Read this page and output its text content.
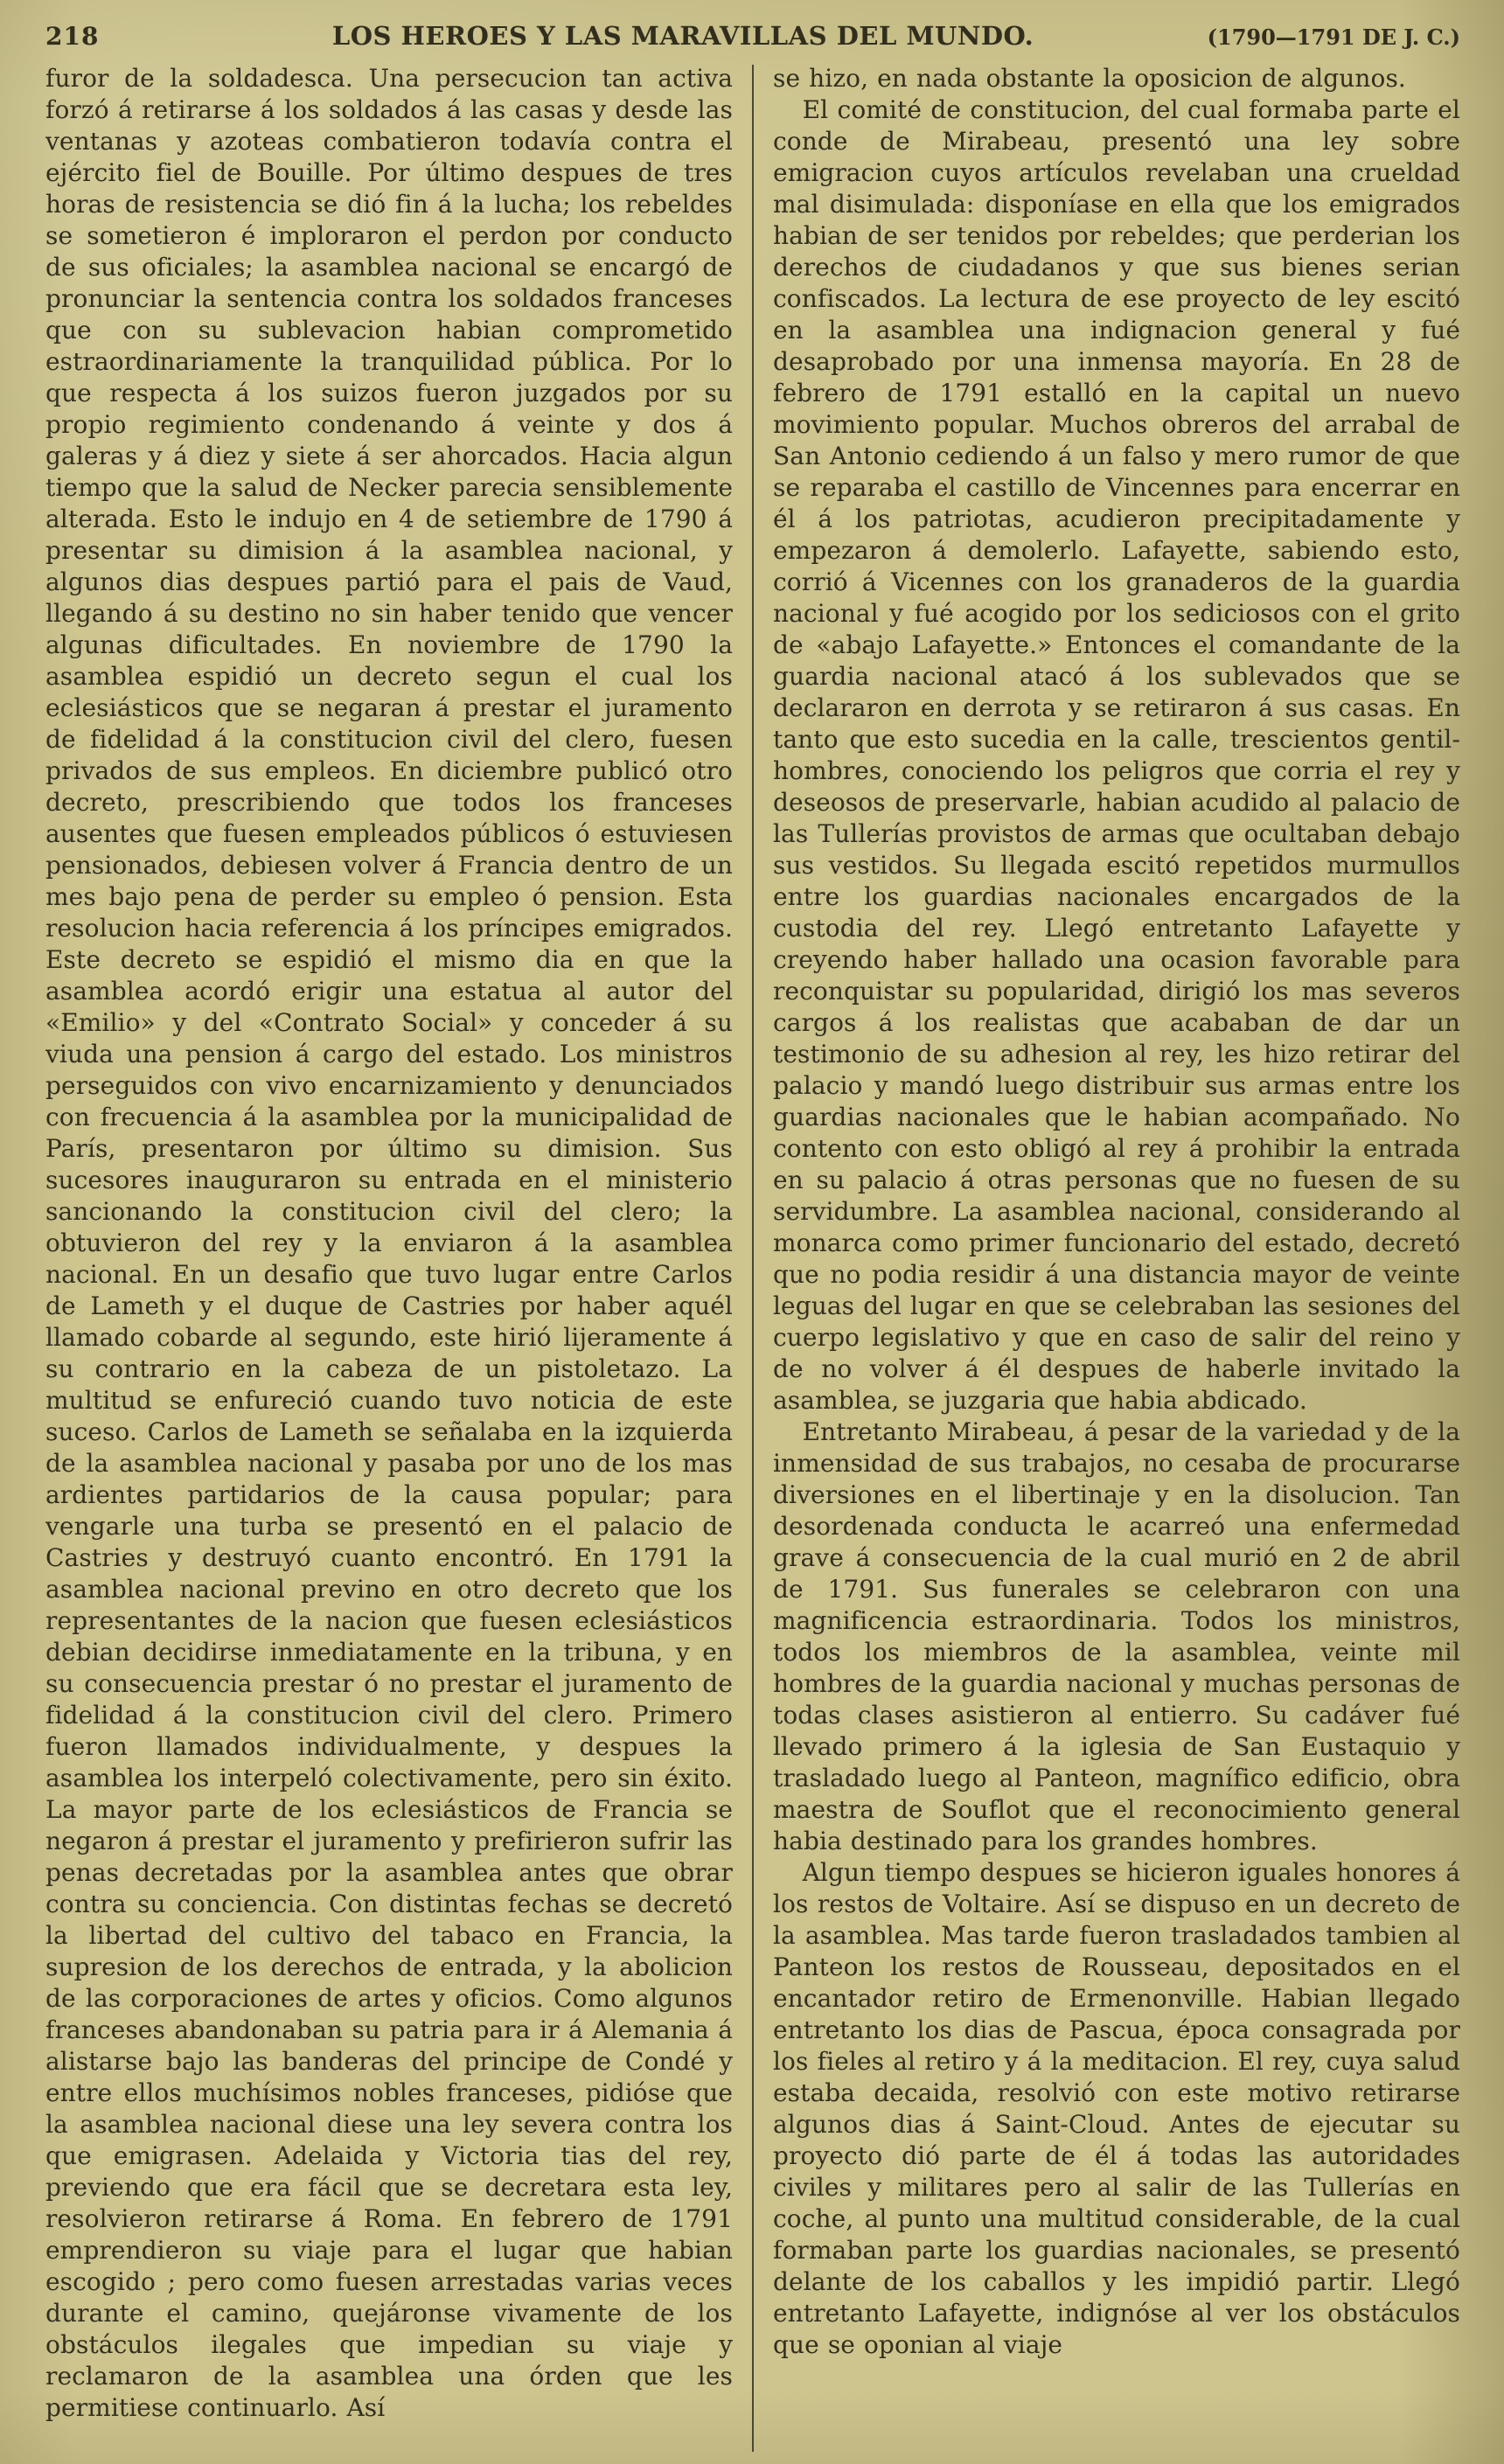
218	LOS HEROES Y LAS MARAVILLAS DEL MUNDO.	(1790—1791 DE J. C.)

furor de la soldadesca. Una persecucion tan activa forzó á retirarse á los soldados á las casas y desde las ventanas y azoteas combatieron todavía contra el ejército fiel de Bouille. Por último despues de tres horas de resistencia se dió fin á la lucha; los rebeldes se sometieron é imploraron el perdon por conducto de sus oficiales; la asamblea nacional se encargó de pronunciar la sentencia contra los soldados franceses que con su sublevacion habian comprometido estraordinariamente la tranquilidad pública. Por lo que respecta á los suizos fueron juzgados por su propio regimiento condenando á veinte y dos á galeras y á diez y siete á ser ahorcados. Hacia algun tiempo que la salud de Necker parecia sensiblemente alterada. Esto le indujo en 4 de setiembre de 1790 á presentar su dimision á la asamblea nacional, y algunos dias despues partió para el pais de Vaud, llegando á su destino no sin haber tenido que vencer algunas dificultades. En noviembre de 1790 la asamblea espidió un decreto segun el cual los eclesiásticos que se negaran á prestar el juramento de fidelidad á la constitucion civil del clero, fuesen privados de sus empleos. En diciembre publicó otro decreto, prescribiendo que todos los franceses ausentes que fuesen empleados públicos ó estuviesen pensionados, debiesen volver á Francia dentro de un mes bajo pena de perder su empleo ó pension. Esta resolucion hacia referencia á los príncipes emigrados. Este decreto se espidió el mismo dia en que la asamblea acordó erigir una estatua al autor del «Emilio» y del «Contrato Social» y conceder á su viuda una pension á cargo del estado. Los ministros perseguidos con vivo encarnizamiento y denunciados con frecuencia á la asamblea por la municipalidad de París, presentaron por último su dimision. Sus sucesores inauguraron su entrada en el ministerio sancionando la constitucion civil del clero; la obtuvieron del rey y la enviaron á la asamblea nacional. En un desafio que tuvo lugar entre Carlos de Lameth y el duque de Castries por haber aquél llamado cobarde al segundo, este hirió lijeramente á su contrario en la cabeza de un pistoletazo. La multitud se enfureció cuando tuvo noticia de este suceso. Carlos de Lameth se señalaba en la izquierda de la asamblea nacional y pasaba por uno de los mas ardientes partidarios de la causa popular; para vengarle una turba se presentó en el palacio de Castries y destruyó cuanto encontró. En 1791 la asamblea nacional previno en otro decreto que los representantes de la nacion que fuesen eclesiásticos debian decidirse inmediatamente en la tribuna, y en su consecuencia prestar ó no prestar el juramento de fidelidad á la constitucion civil del clero. Primero fueron llamados individualmente, y despues la asamblea los interpeló colectivamente, pero sin éxito. La mayor parte de los eclesiásticos de Francia se negaron á prestar el juramento y prefirieron sufrir las penas decretadas por la asamblea antes que obrar contra su conciencia. Con distintas fechas se decretó la libertad del cultivo del tabaco en Francia, la supresion de los derechos de entrada, y la abolicion de las corporaciones de artes y oficios. Como algunos franceses abandonaban su patria para ir á Alemania á alistarse bajo las banderas del principe de Condé y entre ellos muchísimos nobles franceses, pidióse que la asamblea nacional diese una ley severa contra los que emigrasen. Adelaida y Victoria tias del rey, previendo que era fácil que se decretara esta ley, resolvieron retirarse á Roma. En febrero de 1791 emprendieron su viaje para el lugar que habian escogido ; pero como fuesen arrestadas varias veces durante el camino, quejáronse vivamente de los obstáculos ilegales que impedian su viaje y reclamaron de la asamblea una órden que les permitiese continuarlo. Así

se hizo, en nada obstante la oposicion de algunos.

El comité de constitucion, del cual formaba parte el conde de Mirabeau, presentó una ley sobre emigracion cuyos artículos revelaban una crueldad mal disimulada: disponíase en ella que los emigrados habian de ser tenidos por rebeldes; que perderian los derechos de ciudadanos y que sus bienes serian confiscados. La lectura de ese proyecto de ley escitó en la asamblea una indignacion general y fué desaprobado por una inmensa mayoría. En 28 de febrero de 1791 estalló en la capital un nuevo movimiento popular. Muchos obreros del arrabal de San Antonio cediendo á un falso y mero rumor de que se reparaba el castillo de Vincennes para encerrar en él á los patriotas, acudieron precipitadamente y empezaron á demolerlo. Lafayette, sabiendo esto, corrió á Vicennes con los granaderos de la guardia nacional y fué acogido por los sediciosos con el grito de «abajo Lafayette.» Entonces el comandante de la guardia nacional atacó á los sublevados que se declararon en derrota y se retiraron á sus casas. En tanto que esto sucedia en la calle, trescientos gentil-hombres, conociendo los peligros que corria el rey y deseosos de preservarle, habian acudido al palacio de las Tullerías provistos de armas que ocultaban debajo sus vestidos. Su llegada escitó repetidos murmullos entre los guardias nacionales encargados de la custodia del rey. Llegó entretanto Lafayette y creyendo haber hallado una ocasion favorable para reconquistar su popularidad, dirigió los mas severos cargos á los realistas que acababan de dar un testimonio de su adhesion al rey, les hizo retirar del palacio y mandó luego distribuir sus armas entre los guardias nacionales que le habian acompañado. No contento con esto obligó al rey á prohibir la entrada en su palacio á otras personas que no fuesen de su servidumbre. La asamblea nacional, considerando al monarca como primer funcionario del estado, decretó que no podia residir á una distancia mayor de veinte leguas del lugar en que se celebraban las sesiones del cuerpo legislativo y que en caso de salir del reino y de no volver á él despues de haberle invitado la asamblea, se juzgaria que habia abdicado.

Entretanto Mirabeau, á pesar de la variedad y de la inmensidad de sus trabajos, no cesaba de procurarse diversiones en el libertinaje y en la disolucion. Tan desordenada conducta le acarreó una enfermedad grave á consecuencia de la cual murió en 2 de abril de 1791. Sus funerales se celebraron con una magnificencia estraordinaria. Todos los ministros, todos los miembros de la asamblea, veinte mil hombres de la guardia nacional y muchas personas de todas clases asistieron al entierro. Su cadáver fué llevado primero á la iglesia de San Eustaquio y trasladado luego al Panteon, magnífico edificio, obra maestra de Souflot que el reconocimiento general habia destinado para los grandes hombres.

Algun tiempo despues se hicieron iguales honores á los restos de Voltaire. Así se dispuso en un decreto de la asamblea. Mas tarde fueron trasladados tambien al Panteon los restos de Rousseau, depositados en el encantador retiro de Ermenonville. Habian llegado entretanto los dias de Pascua, época consagrada por los fieles al retiro y á la meditacion. El rey, cuya salud estaba decaida, resolvió con este motivo retirarse algunos dias á Saint-Cloud. Antes de ejecutar su proyecto dió parte de él á todas las autoridades civiles y militares pero al salir de las Tullerías en coche, al punto una multitud considerable, de la cual formaban parte los guardias nacionales, se presentó delante de los caballos y les impidió partir. Llegó entretanto Lafayette, indignóse al ver los obstáculos que se oponian al viaje
